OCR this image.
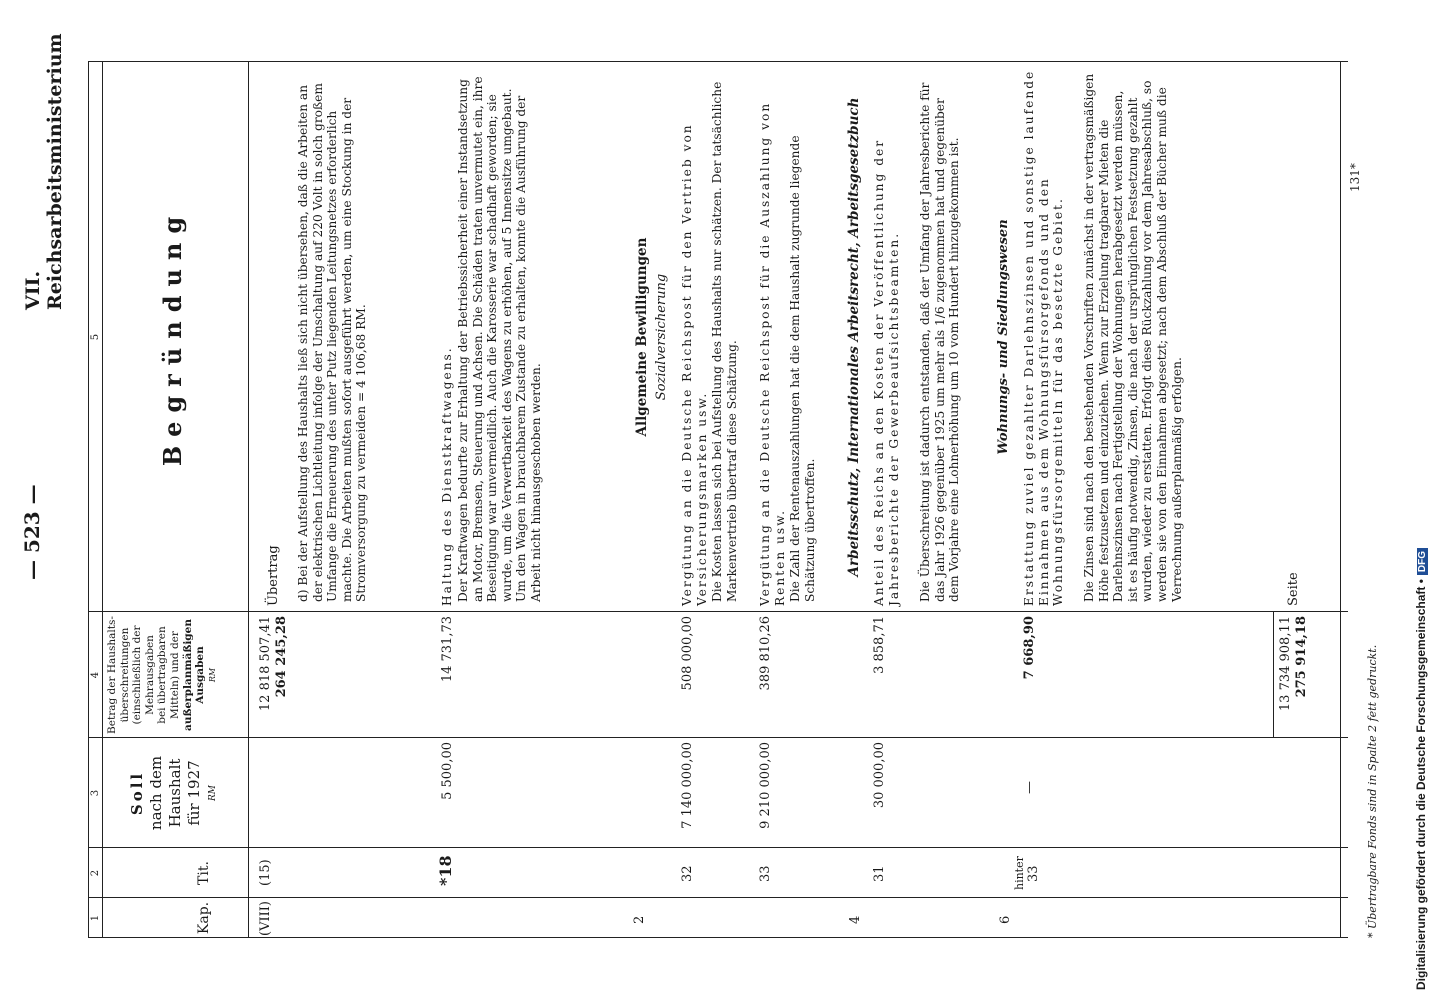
Digitalisierung gefördert durch die Deutsche Forschungsgemeinschaft •DFG
— 523 —
VII. Reichsarbeitsministerium	131*
1
2
3
4
5
Kap.
Tit.
Soll nach dem Haushalt für 1927 RM
Betrag der Haushalts- überschreitungen (einschließlich der Mehrausgaben bei übertragbaren Mitteln) und der außerplanmäßigen Ausgaben RM
Begründung
(VIII)
(15)
12 818 507,41 264 245,28
Übertrag d) Bei der Aufstellung des Haushalts ließ sich nicht übersehen, daß die Arbeiten an der elektrischen Lichtleitung infolge der Umschaltung auf 220 Volt in solch großem Umfange die Erneuerung des unter Putz liegenden Leitungsnetzes erforderlich machte. Die Arbeiten mußten sofort ausgeführt werden, um eine Stockung in der Stromversorgung zu vermeiden = 4 106,68 RM.
*18
5 500,00
14 731,73
Haltung des Dienstkraftwagens. Der Kraftwagen bedurfte zur Erhaltung der Betriebssicherheit einer Instandsetzung an Motor, Bremsen, Steuerung und Achsen. Die Schäden traten unvermutet ein, ihre Beseitigung war unvermeidlich. Auch die Karosserie war schadhaft geworden; sie wurde, um die Verwertbarkeit des Wagens zu erhöhen, auf 5 Innensitze umgebaut. Um den Wagen in brauchbarem Zustande zu erhalten, konnte die Ausführung der Arbeit nicht hinausgeschoben werden.
2
Allgemeine Bewilligungen Sozialversicherung
32
7 140 000,00
508 000,00
Vergütung an die Deutsche Reichspost für den Vertrieb von Versicherungsmarken usw. Die Kosten lassen sich bei Aufstellung des Haushalts nur schätzen. Der tatsächliche Markenvertrieb übertraf diese Schätzung.
33
9 210 000,00
389 810,26
Vergütung an die Deutsche Reichspost für die Auszahlung von Renten usw. Die Zahl der Rentenauszahlungen hat die dem Haushalt zugrunde liegende Schätzung übertroffen.
4
Arbeitsschutz, Internationales Arbeitsrecht, Arbeitsgesetzbuch
31
30 000,00
3 858,71
Anteil des Reichs an den Kosten der Veröffentlichung der Jahresberichte der Gewerbeaufsichtsbeamten. Die Überschreitung ist dadurch entstanden, daß der Umfang der Jahresberichte für das Jahr 1926 gegenüber 1925 um mehr als 1/6 zugenommen hat und gegenüber dem Vorjahre eine Lohnerhöhung um 10 vom Hundert hinzugekommen ist.
6
Wohnungs- und Siedlungswesen
hinter 33
—
7 668,90
Erstattung zuviel gezahlter Darlehnszinsen und sonstige laufende Einnahmen aus dem Wohnungsfürsorgefonds und den Wohnungsfürsorgemitteln für das besetzte Gebiet. Die Zinsen sind nach den bestehenden Vorschriften zunächst in der vertragsmäßigen Höhe festzusetzen und einzuziehen. Wenn zur Erzielung tragbarer Mieten die Darlehnszinsen nach Fertigstellung der Wohnungen herabgesetzt werden müssen, ist es häufig notwendig, Zinsen, die nach der ursprünglichen Festsetzung gezahlt wurden, wieder zu erstatten. Erfolgt diese Rückzahlung vor dem Jahresabschluß, so werden sie von den Einnahmen abgesetzt; nach dem Abschluß der Bücher muß die Verrechnung außerplanmäßig erfolgen.
13 734 908,11 275 914,18
Seite
* Übertragbare Fonds sind in Spalte 2 fett gedruckt.
